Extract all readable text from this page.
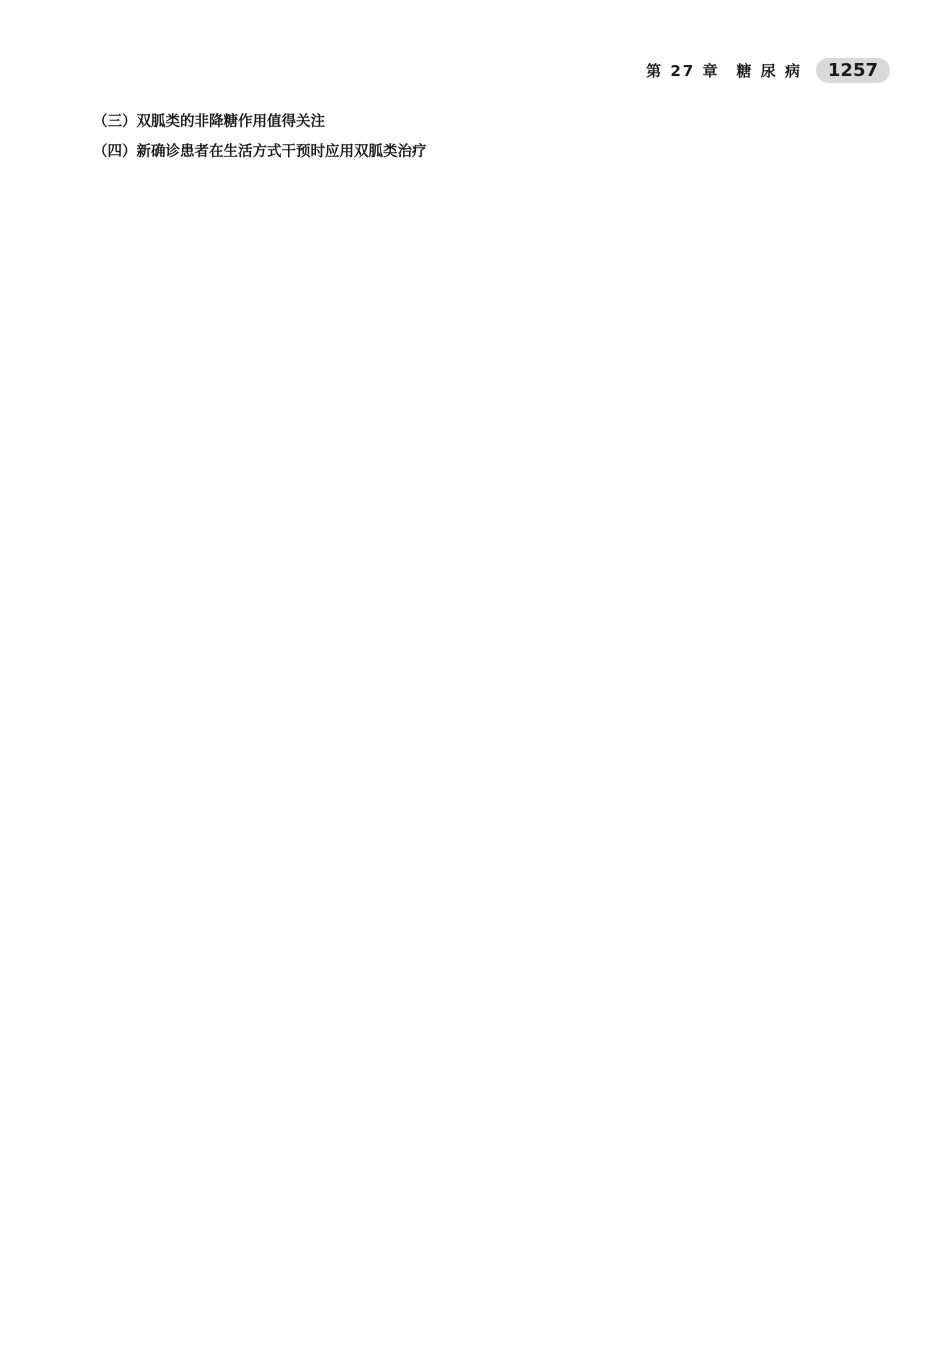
第 27 章　糖 尿 病	1257

（三）双胍类的非降糖作用值得关注

（四）新确诊患者在生活方式干预时应用双胍类治疗
